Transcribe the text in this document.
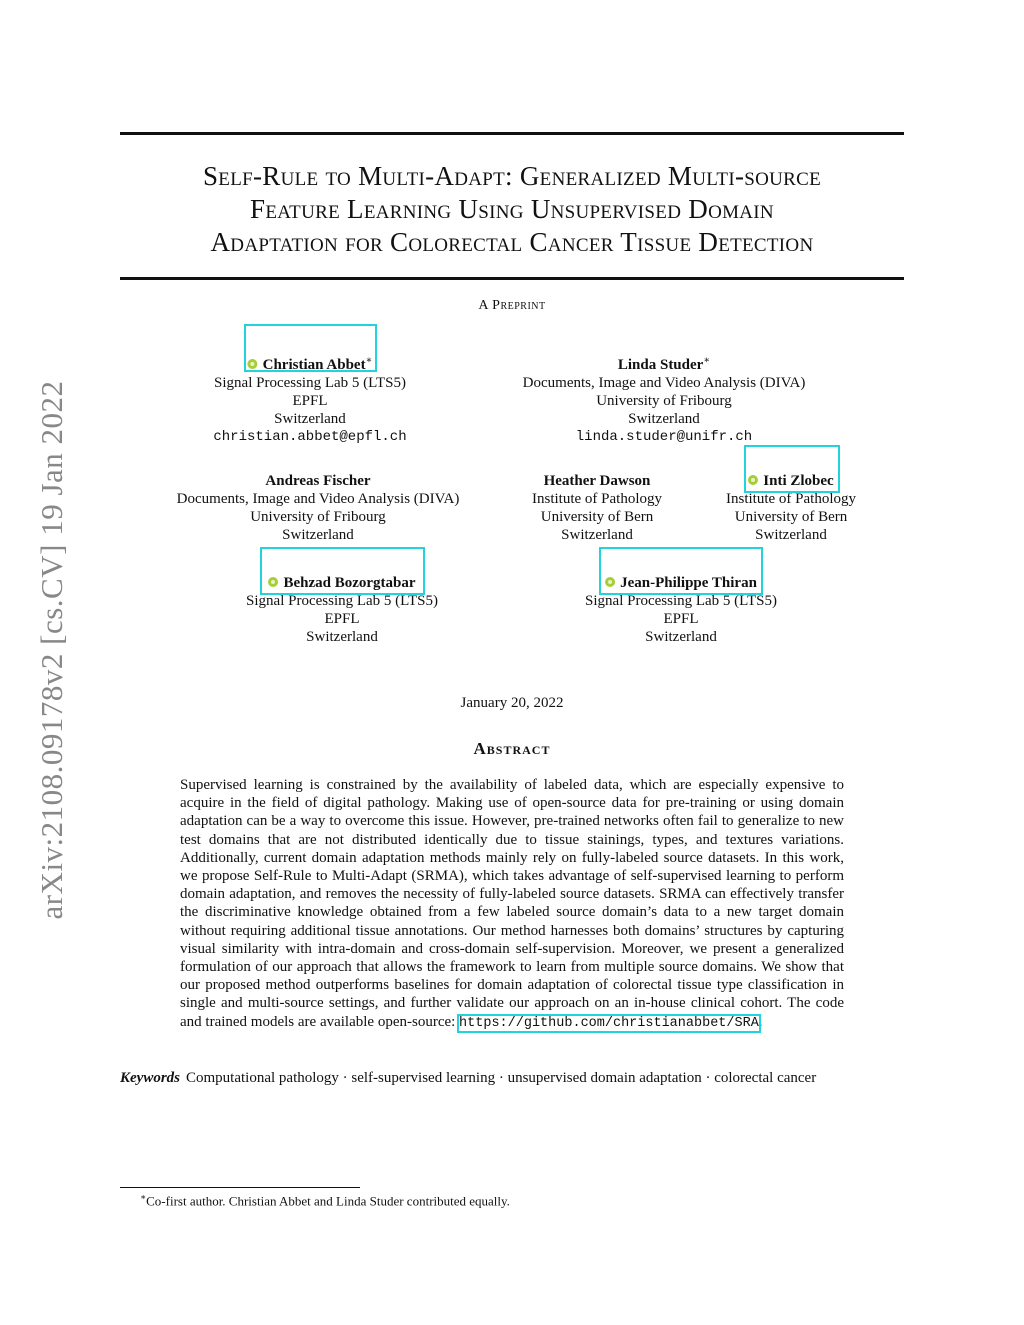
arXiv:2108.09178v2 [cs.CV] 19 Jan 2022
Self-Rule to Multi-Adapt: Generalized Multi-source
Feature Learning Using Unsupervised Domain
Adaptation for Colorectal Cancer Tissue Detection
A Preprint
Christian Abbet∗
Signal Processing Lab 5 (LTS5)
EPFL
Switzerland
christian.abbet@epfl.ch
Linda Studer∗
Documents, Image and Video Analysis (DIVA)
University of Fribourg
Switzerland
linda.studer@unifr.ch
Andreas Fischer
Documents, Image and Video Analysis (DIVA)
University of Fribourg
Switzerland
Heather Dawson
Institute of Pathology
University of Bern
Switzerland
Inti Zlobec
Institute of Pathology
University of Bern
Switzerland
Behzad Bozorgtabar
Signal Processing Lab 5 (LTS5)
EPFL
Switzerland
Jean-Philippe Thiran
Signal Processing Lab 5 (LTS5)
EPFL
Switzerland
January 20, 2022
Abstract
Supervised learning is constrained by the availability of labeled data, which are especially expensive to acquire in the field of digital pathology. Making use of open-source data for pre-training or using domain adaptation can be a way to overcome this issue. However, pre-trained networks often fail to generalize to new test domains that are not distributed identically due to tissue stainings, types, and textures variations. Additionally, current domain adaptation methods mainly rely on fully-labeled source datasets. In this work, we propose Self-Rule to Multi-Adapt (SRMA), which takes advantage of self-supervised learning to perform domain adaptation, and removes the necessity of fully-labeled source datasets. SRMA can effectively transfer the discriminative knowledge obtained from a few labeled source domain’s data to a new target domain without requiring additional tissue annotations. Our method harnesses both domains’ structures by capturing visual similarity with intra-domain and cross-domain self-supervision. Moreover, we present a generalized formulation of our approach that allows the framework to learn from multiple source domains. We show that our proposed method outperforms baselines for domain adaptation of colorectal tissue type classification in single and multi-source settings, and further validate our approach on an in-house clinical cohort. The code and trained models are available open-source: https://github.com/christianabbet/SRA.
Keywords Computational pathology · self-supervised learning · unsupervised domain adaptation · colorectal cancer
∗Co-first author. Christian Abbet and Linda Studer contributed equally.
